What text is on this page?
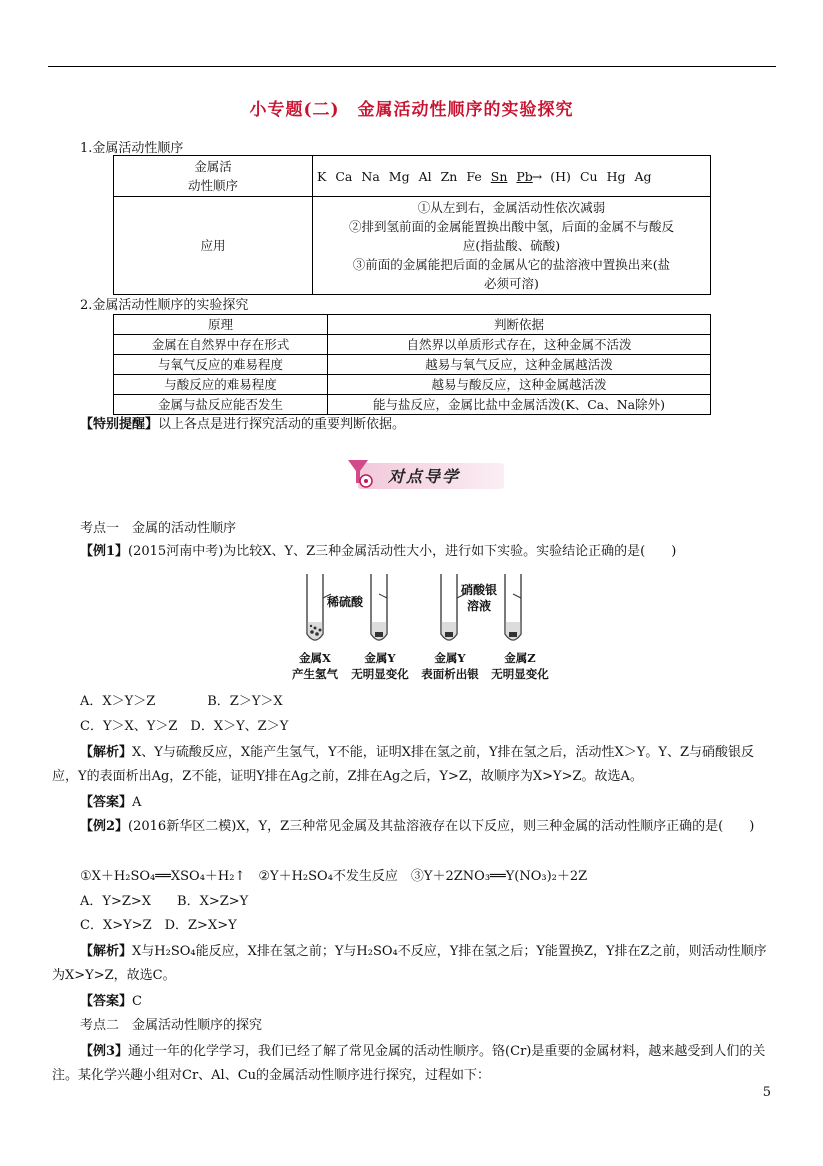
小专题(二)　金属活动性顺序的实验探究
1.金属活动性顺序
金属活
动性顺序	K Ca Na Mg Al Zn Fe Sn Pb→ (H) Cu Hg Ag
应用	①从左到右，金属活动性依次减弱
②排到氢前面的金属能置换出酸中氢，后面的金属不与酸反
应(指盐酸、硫酸)
③前面的金属能把后面的金属从它的盐溶液中置换出来(盐
必须可溶)
2.金属活动性顺序的实验探究
原理	判断依据
金属在自然界中存在形式	自然界以单质形式存在，这种金属不活泼
与氧气反应的难易程度	越易与氧气反应，这种金属越活泼
与酸反应的难易程度	越易与酸反应，这种金属越活泼
金属与盐反应能否发生	能与盐反应，金属比盐中金属活泼(K、Ca、Na除外)
【特别提醒】以上各点是进行探究活动的重要判断依据。
对点导学
考点一　金属的活动性顺序
【例1】(2015河南中考)为比较X、Y、Z三种金属活动性大小，进行如下实验。实验结论正确的是(　　)
稀硫酸
硝酸银
溶液
金属X
产生氢气
金属Y
无明显变化
金属Y
表面析出银
金属Z
无明显变化
A．X＞Y＞Z　　　　B．Z＞Y＞X
C．Y＞X、Y＞Z　D．X＞Y、Z＞Y
【解析】X、Y与硫酸反应，X能产生氢气，Y不能，证明X排在氢之前，Y排在氢之后，活动性X＞Y。Y、Z与硝酸银反应，Y的表面析出Ag，Z不能，证明Y排在Ag之前，Z排在Ag之后，Y>Z，故顺序为X>Y>Z。故选A。
【答案】A
【例2】(2016新华区二模)X，Y，Z三种常见金属及其盐溶液存在以下反应，则三种金属的活动性顺序正确的是(　　)
①X＋H₂SO₄══XSO₄＋H₂↑　②Y＋H₂SO₄不发生反应　③Y＋2ZNO₃══Y(NO₃)₂＋2Z
A．Y>Z>X　　B．X>Z>Y
C．X>Y>Z　D．Z>X>Y
【解析】X与H₂SO₄能反应，X排在氢之前；Y与H₂SO₄不反应，Y排在氢之后；Y能置换Z，Y排在Z之前，则活动性顺序为X>Y>Z，故选C。
【答案】C
考点二　金属活动性顺序的探究
【例3】通过一年的化学学习，我们已经了解了常见金属的活动性顺序。铬(Cr)是重要的金属材料，越来越受到人们的关注。某化学兴趣小组对Cr、Al、Cu的金属活动性顺序进行探究，过程如下：
5
